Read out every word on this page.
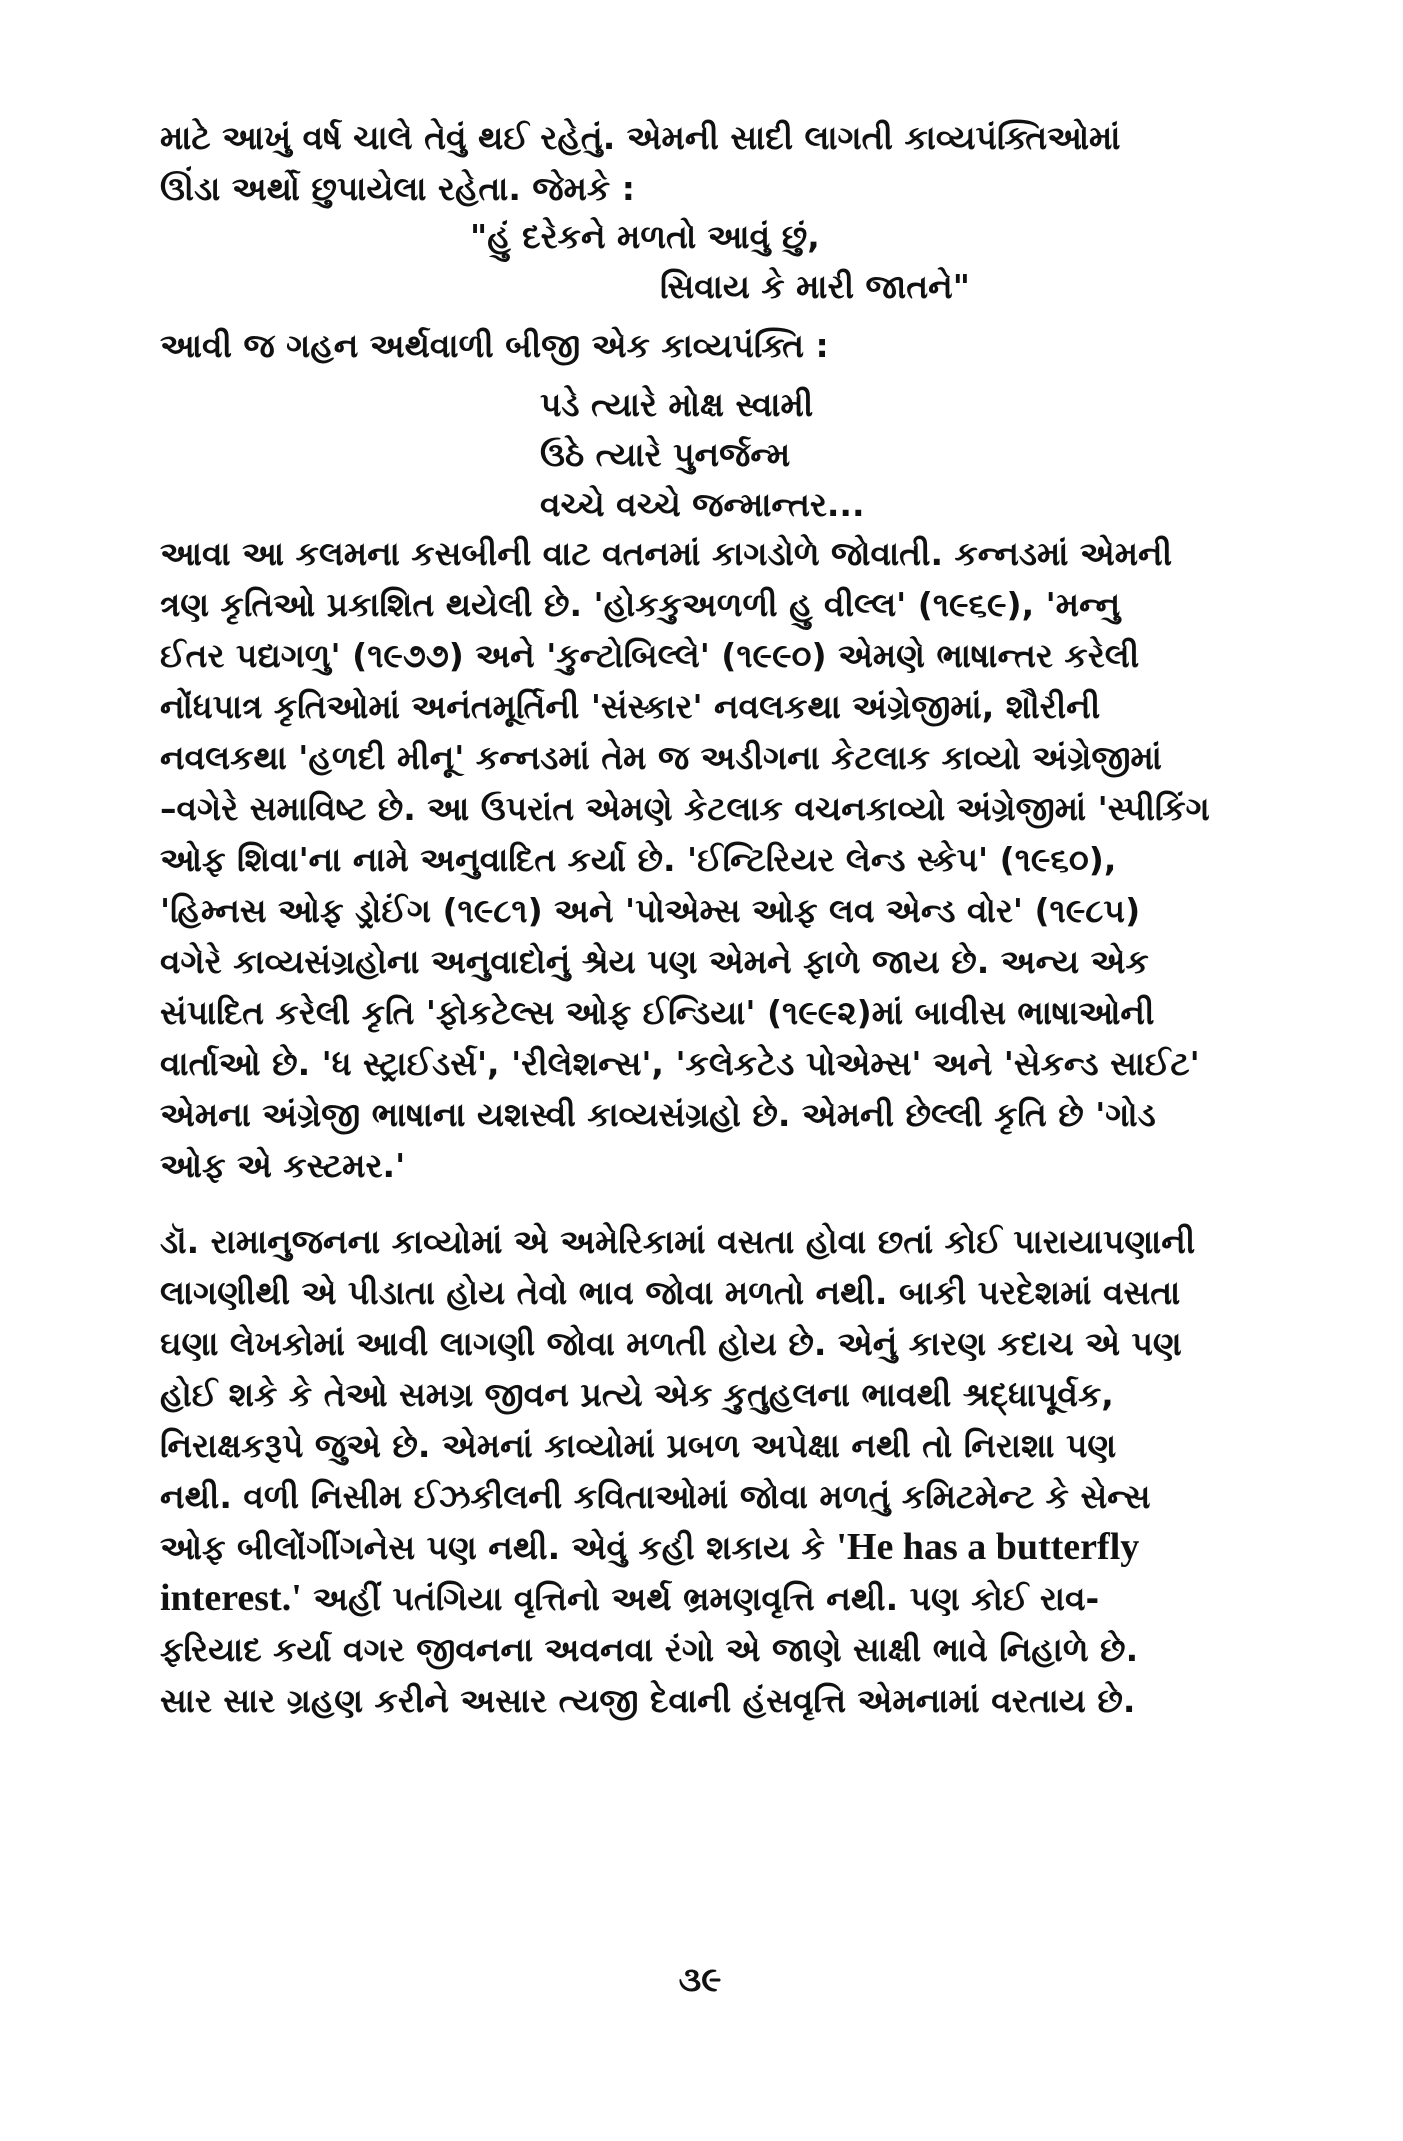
માટે આખું વર્ષ ચાલે તેવું થઈ રહેતું. એમની સાદી લાગતી કાવ્યપંક્તિઓમાં
ઊંડા અર્થો છુપાયેલા રહેતા. જેમકે :
"હું દરેકને મળતો આવું છું,
સિવાય કે મારી જાતને"
આવી જ ગહન અર્થવાળી બીજી એક કાવ્યપંક્તિ :
પડે ત્યારે મોક્ષ સ્વામી
ઉઠે ત્યારે પુનર્જન્મ
વચ્ચે વચ્ચે જન્માન્તર...
આવા આ કલમના કસબીની વાટ વતનમાં કાગડોળે જોવાતી. કન્નડમાં એમની
ત્રણ કૃતિઓ પ્રકાશિત થયેલી છે. 'હોકકુઅળળી હુ વીલ્લ' (૧૯૬૯), 'મન્નુ
ઈતર પદ્યગળુ' (૧૯૭૭) અને 'કુન્ટોબિલ્લે' (૧૯૯૦) એમણે ભાષાન્તર કરેલી
નોંધપાત્ર કૃતિઓમાં અનંતમૂર્તિની 'સંસ્કાર' નવલકથા અંગ્રેજીમાં, શૌરીની
નવલકથા 'હળદી મીનૂ' કન્નડમાં તેમ જ અડીગના કેટલાક કાવ્યો અંગ્રેજીમાં
–વગેરે સમાવિષ્ટ છે. આ ઉપરાંત એમણે કેટલાક વચનકાવ્યો અંગ્રેજીમાં 'સ્પીકિંગ
ઓફ શિવા'ના નામે અનુવાદિત કર્યા છે. 'ઈન્ટિરિયર લેન્ડ સ્કેપ' (૧૯૬૦),
'હિમ્નસ ઓફ ડ્રોઈંગ (૧૯૮૧) અને 'પોએમ્સ ઓફ લવ એન્ડ વોર' (૧૯૮૫)
વગેરે કાવ્યસંગ્રહોના અનુવાદોનું શ્રેય પણ એમને ફાળે જાય છે. અન્ય એક
સંપાદિત કરેલી કૃતિ 'ફોકટેલ્સ ઓફ ઈન્ડિયા' (૧૯૯૨)માં બાવીસ ભાષાઓની
વાર્તાઓ છે. 'ધ સ્ટ્રાઈડર્સ', 'રીલેશન્સ', 'કલેકટેડ પોએમ્સ' અને 'સેકન્ડ સાઈટ'
એમના અંગ્રેજી ભાષાના યશસ્વી કાવ્યસંગ્રહો છે. એમની છેલ્લી કૃતિ છે 'ગોડ
ઓફ એ કસ્ટમર.'
ડૉ. રામાનુજનના કાવ્યોમાં એ અમેરિકામાં વસતા હોવા છતાં કોઈ પારાયાપણાની
લાગણીથી એ પીડાતા હોય તેવો ભાવ જોવા મળતો નથી. બાકી પરદેશમાં વસતા
ઘણા લેખકોમાં આવી લાગણી જોવા મળતી હોય છે. એનું કારણ કદાચ એ પણ
હોઈ શકે કે તેઓ સમગ્ર જીવન પ્રત્યે એક કુતુહલના ભાવથી શ્રદ્ધાપૂર્વક,
નિરાક્ષકરૂપે જુએ છે. એમનાં કાવ્યોમાં પ્રબળ અપેક્ષા નથી તો નિરાશા પણ
નથી. વળી નિસીમ ઈઝકીલની કવિતાઓમાં જોવા મળતું કમિટમેન્ટ કે સેન્સ
ઓફ બીલોંગીંગનેસ પણ નથી. એવું કહી શકાય કે 'He has a butterfly
interest.' અહીં પતંગિયા વૃત્તિનો અર્થ ભ્રમણવૃત્તિ નથી. પણ કોઈ રાવ-
ફરિયાદ કર્યા વગર જીવનના અવનવા રંગો એ જાણે સાક્ષી ભાવે નિહાળે છે.
સાર સાર ગ્રહણ કરીને અસાર ત્યજી દેવાની હંસવૃત્તિ એમનામાં વરતાય છે.
૩૯
